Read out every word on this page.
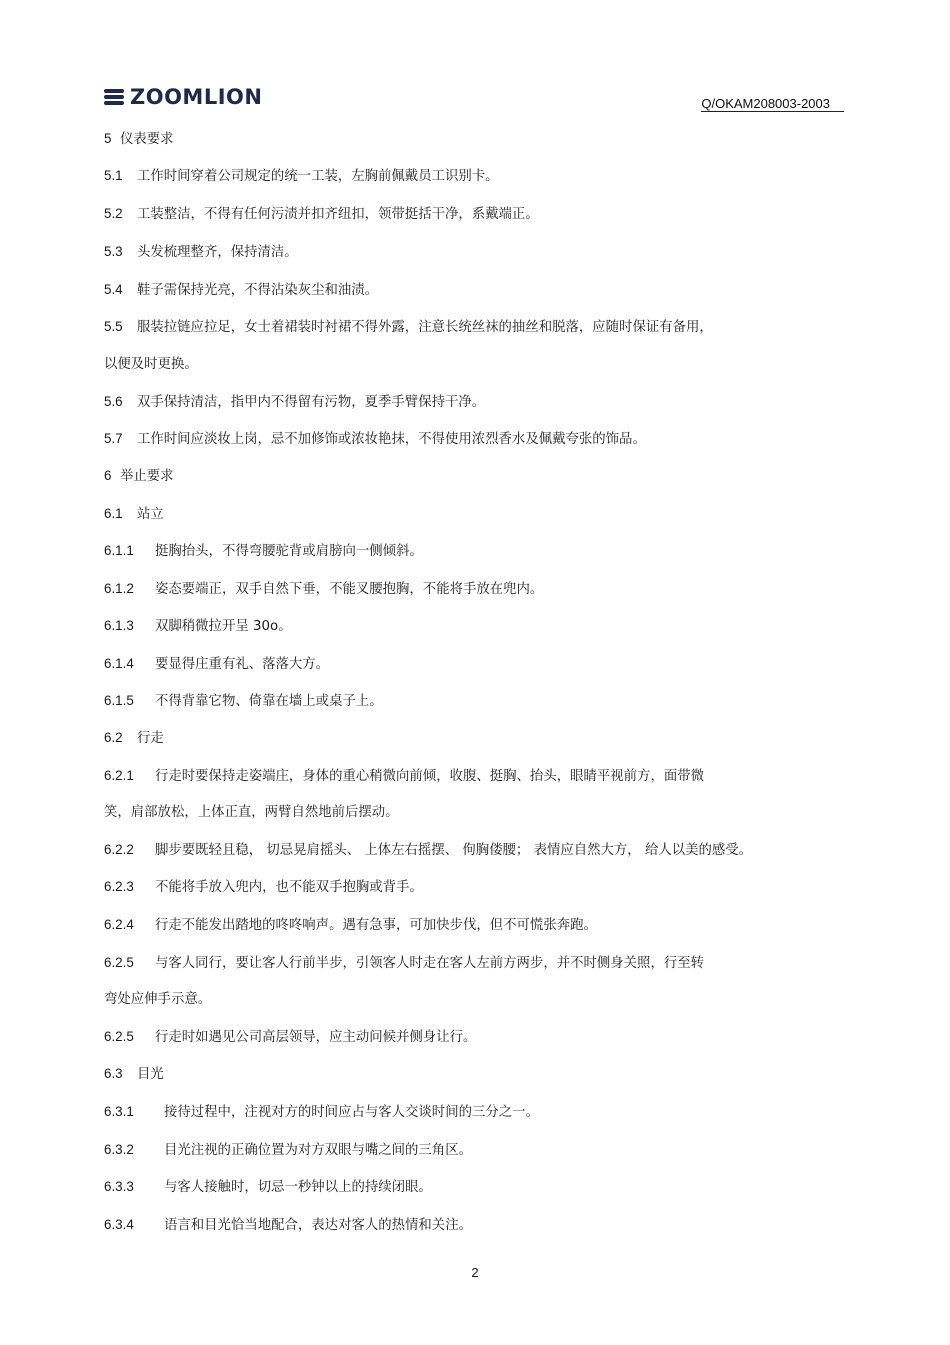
ZOOMLION	Q/OKAM208003-2003
5 仪表要求
5.1 工作时间穿着公司规定的统一工装，左胸前佩戴员工识别卡。
5.2 工装整洁，不得有任何污渍并扣齐纽扣，领带挺括干净，系戴端正。
5.3 头发梳理整齐，保持清洁。
5.4 鞋子需保持光亮，不得沾染灰尘和油渍。
5.5 服装拉链应拉足，女士着裙装时衬裙不得外露，注意长统丝袜的抽丝和脱落，应随时保证有备用，
以便及时更换。
5.6 双手保持清洁，指甲内不得留有污物，夏季手臂保持干净。
5.7 工作时间应淡妆上岗，忌不加修饰或浓妆艳抹，不得使用浓烈香水及佩戴夸张的饰品。
6 举止要求
6.1 站立
6.1.1 挺胸抬头，不得弯腰驼背或肩膀向一侧倾斜。
6.1.2 姿态要端正，双手自然下垂，不能叉腰抱胸，不能将手放在兜内。
6.1.3 双脚稍微拉开呈 30o。
6.1.4 要显得庄重有礼、落落大方。
6.1.5 不得背靠它物、倚靠在墙上或桌子上。
6.2 行走
6.2.1 行走时要保持走姿端庄，身体的重心稍微向前倾，收腹、挺胸、抬头，眼睛平视前方，面带微
笑，肩部放松，上体正直，两臂自然地前后摆动。
6.2.2 脚步要既轻且稳， 切忌晃肩摇头、 上体左右摇摆、 佝胸偻腰； 表情应自然大方， 给人以美的感受。
6.2.3 不能将手放入兜内，也不能双手抱胸或背手。
6.2.4 行走不能发出踏地的咚咚响声。遇有急事，可加快步伐，但不可慌张奔跑。
6.2.5 与客人同行，要让客人行前半步，引领客人时走在客人左前方两步，并不时侧身关照，行至转
弯处应伸手示意。
6.2.5 行走时如遇见公司高层领导，应主动问候并侧身让行。
6.3 目光
6.3.1 接待过程中，注视对方的时间应占与客人交谈时间的三分之一。
6.3.2 目光注视的正确位置为对方双眼与嘴之间的三角区。
6.3.3 与客人接触时，切忌一秒钟以上的持续闭眼。
6.3.4 语言和目光恰当地配合，表达对客人的热情和关注。
2
